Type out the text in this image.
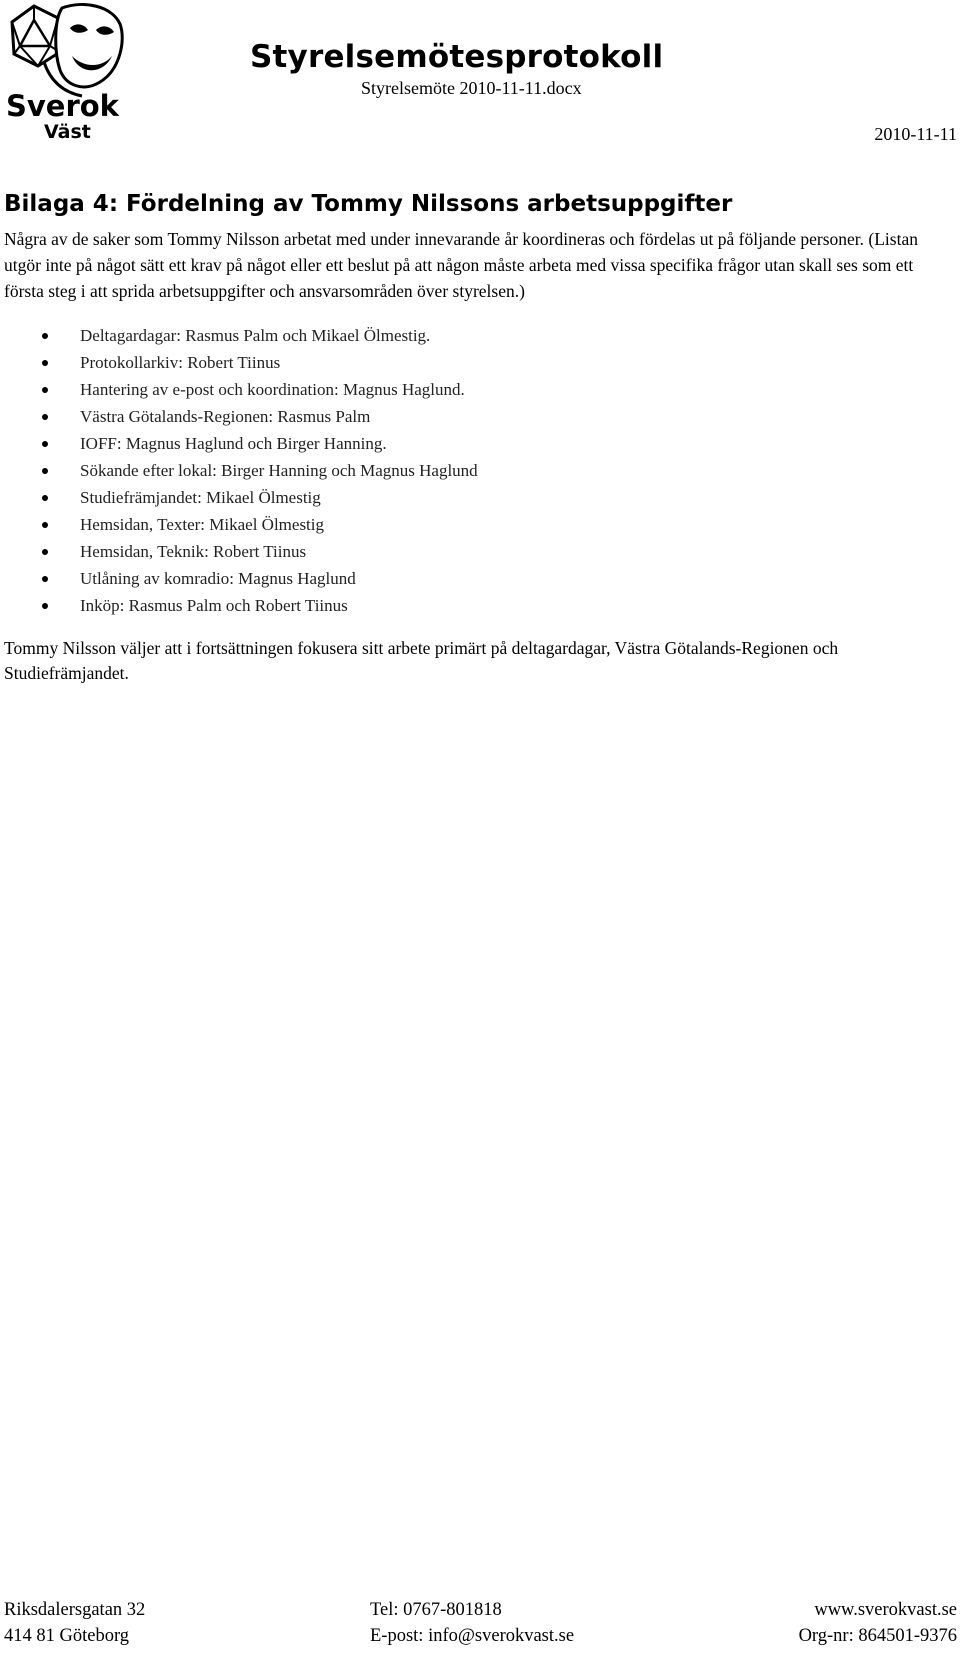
Sverok
Väst
Styrelsemötesprotokoll
Styrelsemöte 2010-11-11.docx
2010-11-11
Bilaga 4: Fördelning av Tommy Nilssons arbetsuppgifter
Några av de saker som Tommy Nilsson arbetat med under innevarande år koordineras och fördelas ut på följande personer. (Listan utgör inte på något sätt ett krav på något eller ett beslut på att någon måste arbeta med vissa specifika frågor utan skall ses som ett första steg i att sprida arbetsuppgifter och ansvarsområden över styrelsen.)
Deltagardagar: Rasmus Palm och Mikael Ölmestig.
Protokollarkiv: Robert Tiinus
Hantering av e-post och koordination: Magnus Haglund.
Västra Götalands-Regionen: Rasmus Palm
IOFF: Magnus Haglund och Birger Hanning.
Sökande efter lokal: Birger Hanning och Magnus Haglund
Studiefrämjandet: Mikael Ölmestig
Hemsidan, Texter: Mikael Ölmestig
Hemsidan, Teknik: Robert Tiinus
Utlåning av komradio: Magnus Haglund
Inköp: Rasmus Palm och Robert Tiinus
Tommy Nilsson väljer att i fortsättningen fokusera sitt arbete primärt på deltagardagar, Västra Götalands-Regionen och Studiefrämjandet.
Riksdalersgatan 32	Tel: 0767-801818	www.sverokvast.se
414 81 Göteborg	E-post: info@sverokvast.se	Org-nr: 864501-9376
